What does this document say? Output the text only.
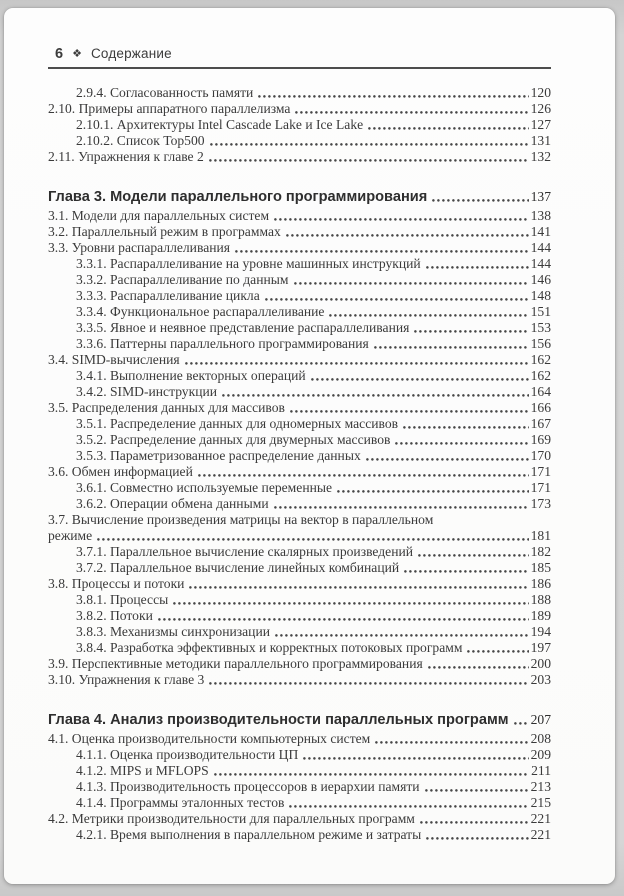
6 ❖ Содержание
2.9.4. Согласованность памяти	120
2.10. Примеры аппаратного параллелизма	126
2.10.1. Архитектуры Intel Cascade Lake и Ice Lake	127
2.10.2. Список Top500	131
2.11. Упражнения к главе 2	132
Глава 3. Модели параллельного программирования	137
3.1. Модели для параллельных систем	138
3.2. Параллельный режим в программах	141
3.3. Уровни распараллеливания	144
3.3.1. Распараллеливание на уровне машинных инструкций	144
3.3.2. Распараллеливание по данным	146
3.3.3. Распараллеливание цикла	148
3.3.4. Функциональное распараллеливание	151
3.3.5. Явное и неявное представление распараллеливания	153
3.3.6. Паттерны параллельного программирования	156
3.4. SIMD-вычисления	162
3.4.1. Выполнение векторных операций	162
3.4.2. SIMD-инструкции	164
3.5. Распределения данных для массивов	166
3.5.1. Распределение данных для одномерных массивов	167
3.5.2. Распределение данных для двумерных массивов	169
3.5.3. Параметризованное распределение данных	170
3.6. Обмен информацией	171
3.6.1. Совместно используемые переменные	171
3.6.2. Операции обмена данными	173
3.7. Вычисление произведения матрицы на вектор в параллельном
режиме	181
3.7.1. Параллельное вычисление скалярных произведений	182
3.7.2. Параллельное вычисление линейных комбинаций	185
3.8. Процессы и потоки	186
3.8.1. Процессы	188
3.8.2. Потоки	189
3.8.3. Механизмы синхронизации	194
3.8.4. Разработка эффективных и корректных потоковых программ	197
3.9. Перспективные методики параллельного программирования	200
3.10. Упражнения к главе 3	203
Глава 4. Анализ производительности параллельных программ 207
4.1. Оценка производительности компьютерных систем	208
4.1.1. Оценка производительности ЦП	209
4.1.2. MIPS и MFLOPS	211
4.1.3. Производительность процессоров в иерархии памяти	213
4.1.4. Программы эталонных тестов	215
4.2. Метрики производительности для параллельных программ	221
4.2.1. Время выполнения в параллельном режиме и затраты	221
